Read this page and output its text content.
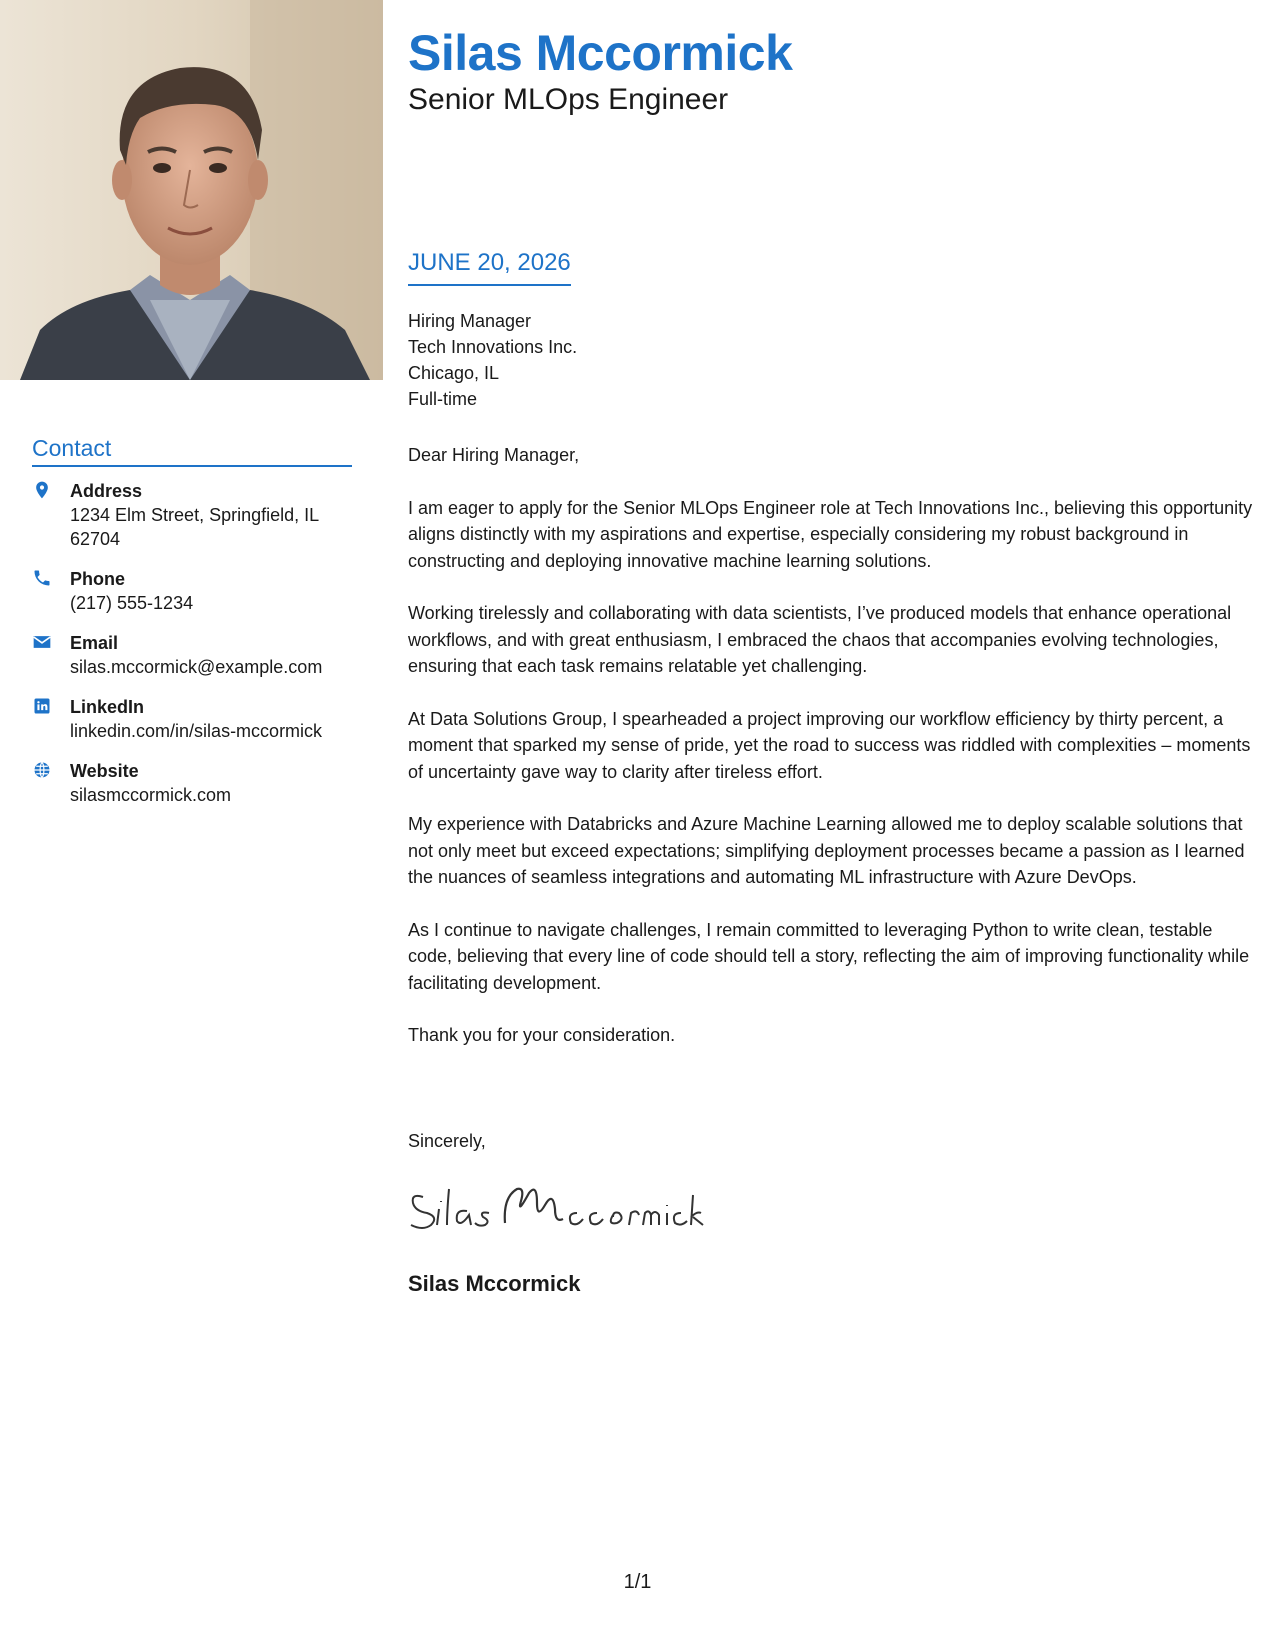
Silas Mccormick
Senior MLOps Engineer
Contact
Address
1234 Elm Street, Springfield, IL 62704
Phone
(217) 555-1234
Email
silas.mccormick@example.com
LinkedIn
linkedin.com/in/silas-mccormick
Website
silasmccormick.com
JUNE 20, 2026
Hiring Manager
Tech Innovations Inc.
Chicago, IL
Full-time

Dear Hiring Manager,

I am eager to apply for the Senior MLOps Engineer role at Tech Innovations Inc., believing this opportunity aligns distinctly with my aspirations and expertise, especially considering my robust background in constructing and deploying innovative machine learning solutions.

Working tirelessly and collaborating with data scientists, I’ve produced models that enhance operational workflows, and with great enthusiasm, I embraced the chaos that accompanies evolving technologies, ensuring that each task remains relatable yet challenging.

At Data Solutions Group, I spearheaded a project improving our workflow efficiency by thirty percent, a moment that sparked my sense of pride, yet the road to success was riddled with complexities – moments of uncertainty gave way to clarity after tireless effort.

My experience with Databricks and Azure Machine Learning allowed me to deploy scalable solutions that not only meet but exceed expectations; simplifying deployment processes became a passion as I learned the nuances of seamless integrations and automating ML infrastructure with Azure DevOps.

As I continue to navigate challenges, I remain committed to leveraging Python to write clean, testable code, believing that every line of code should tell a story, reflecting the aim of improving functionality while facilitating development.

Thank you for your consideration.

Sincerely,
Silas Mccormick
1/1
